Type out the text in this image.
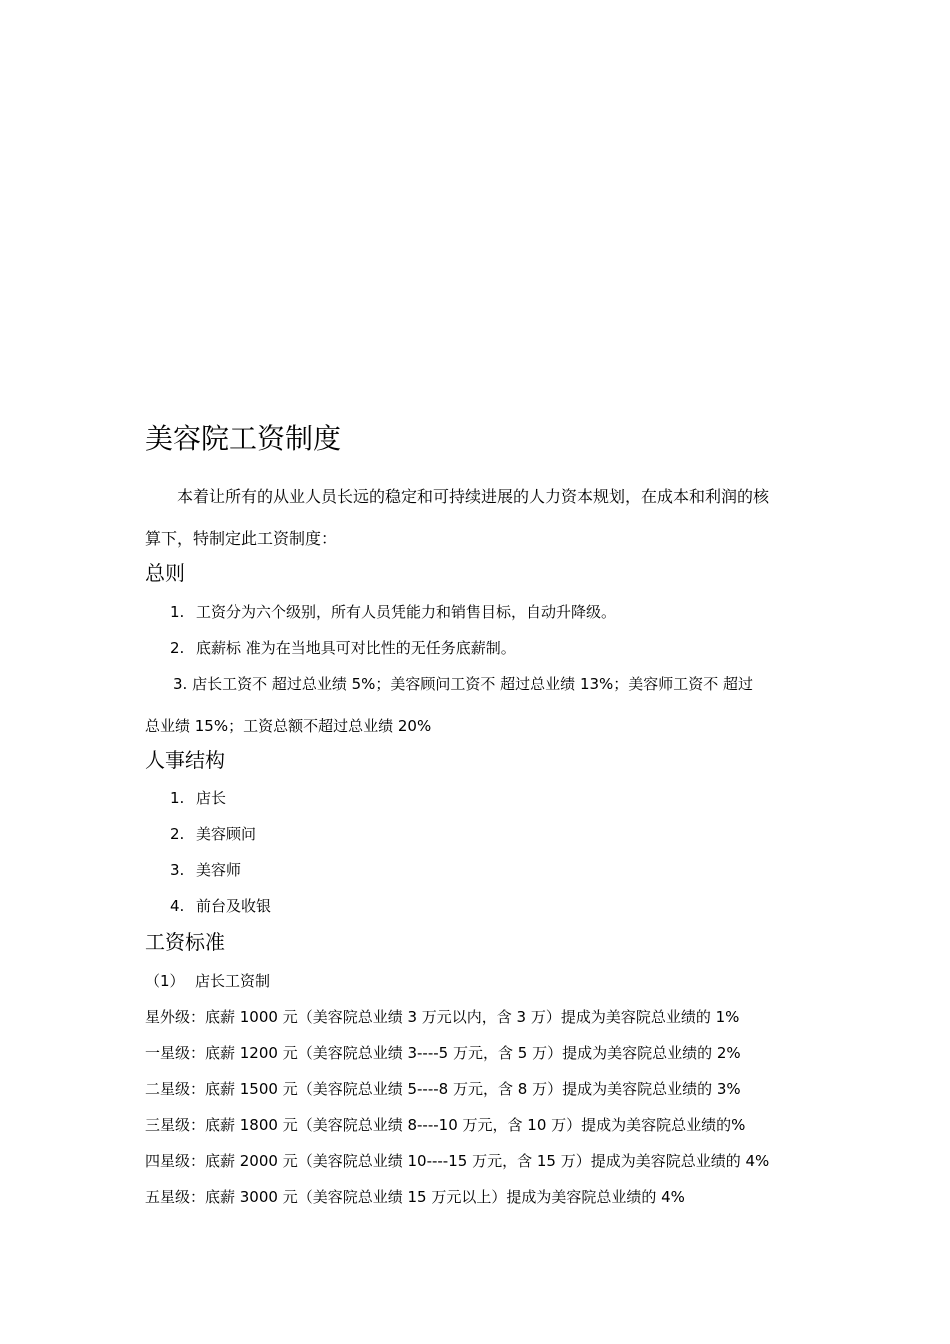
美容院工资制度

本着让所有的从业人员长远的稳定和可持续进展的人力资本规划，在成本和利润的核

算下，特制定此工资制度：

总则
1. 工资分为六个级别，所有人员凭能力和销售目标，自动升降级。
2. 底薪标 准为在当地具可对比性的无任务底薪制。
3. 店长工资不 超过总业绩 5%；美容顾问工资不 超过总业绩 13%；美容师工资不 超过
总业绩 15%；工资总额不超过总业绩 20%
人事结构
1. 店长
2. 美容顾问
3. 美容师
4. 前台及收银
工资标准
（1） 店长工资制
星外级：底薪 1000 元（美容院总业绩 3 万元以内，含 3 万）提成为美容院总业绩的 1%
一星级：底薪 1200 元（美容院总业绩 3----5 万元，含 5 万）提成为美容院总业绩的 2%
二星级：底薪 1500 元（美容院总业绩 5----8 万元，含 8 万）提成为美容院总业绩的 3%
三星级：底薪 1800 元（美容院总业绩 8----10 万元，含 10 万）提成为美容院总业绩的%
四星级：底薪 2000 元（美容院总业绩 10----15 万元，含 15 万）提成为美容院总业绩的 4%
五星级：底薪 3000 元（美容院总业绩 15 万元以上）提成为美容院总业绩的 4%
